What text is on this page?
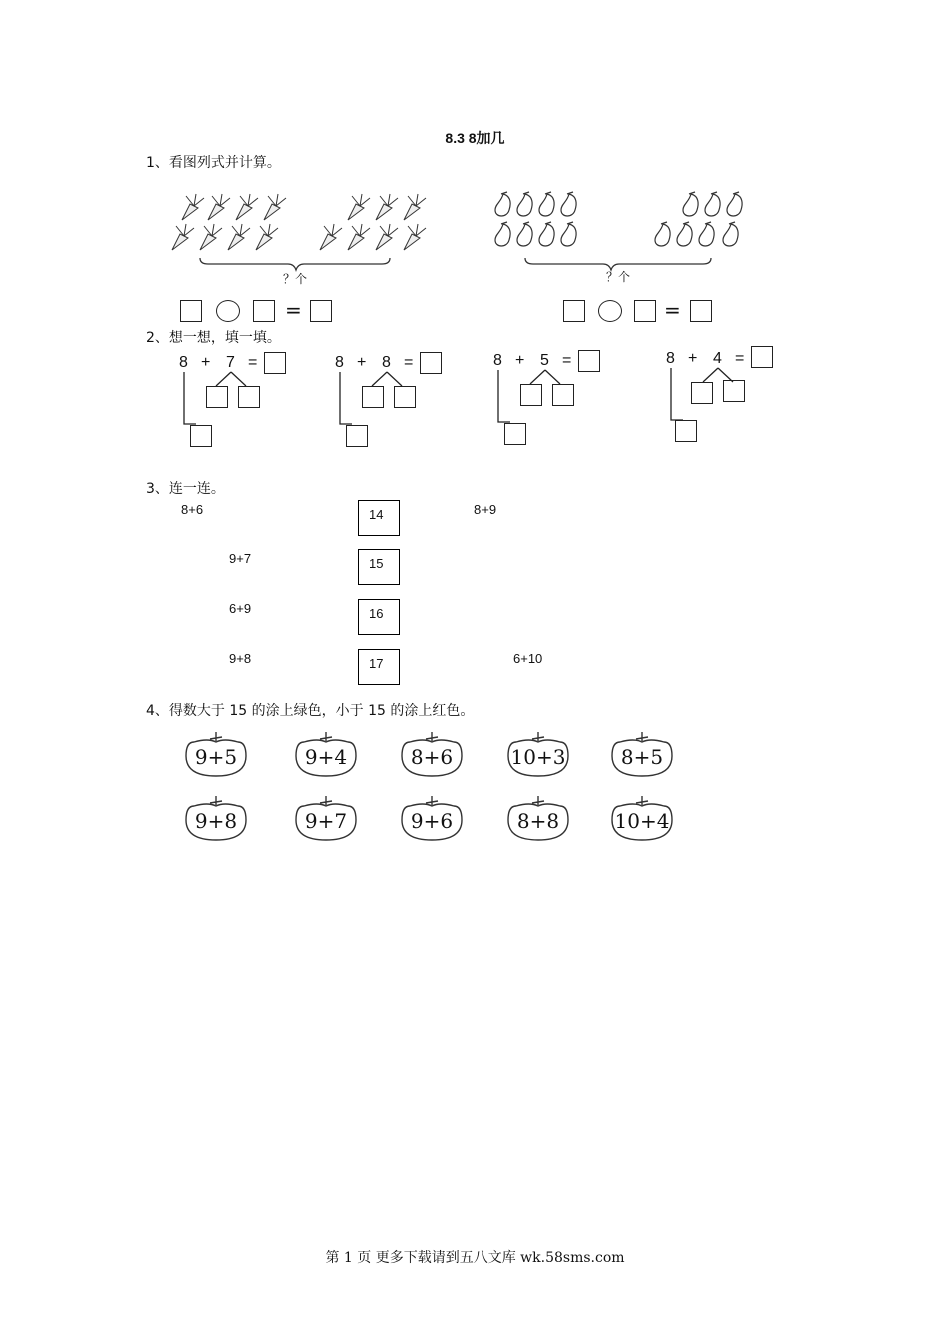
8.3 8加几
1、看图列式并计算。
？个	？个
=	=
2、想一想，填一填。
8 + 7 =	8 + 8 =	8 + 5 =	8 + 4 =
3、连一连。
8+6
9+7
6+9
9+8
14
15
16
17
8+9
6+10
4、得数大于 15 的涂上绿色，小于 15 的涂上红色。
9+5	9+4	8+6	10+3	8+5
9+8	9+7	9+6	8+8	10+4
第 1 页 更多下载请到五八文库 wk.58sms.com
